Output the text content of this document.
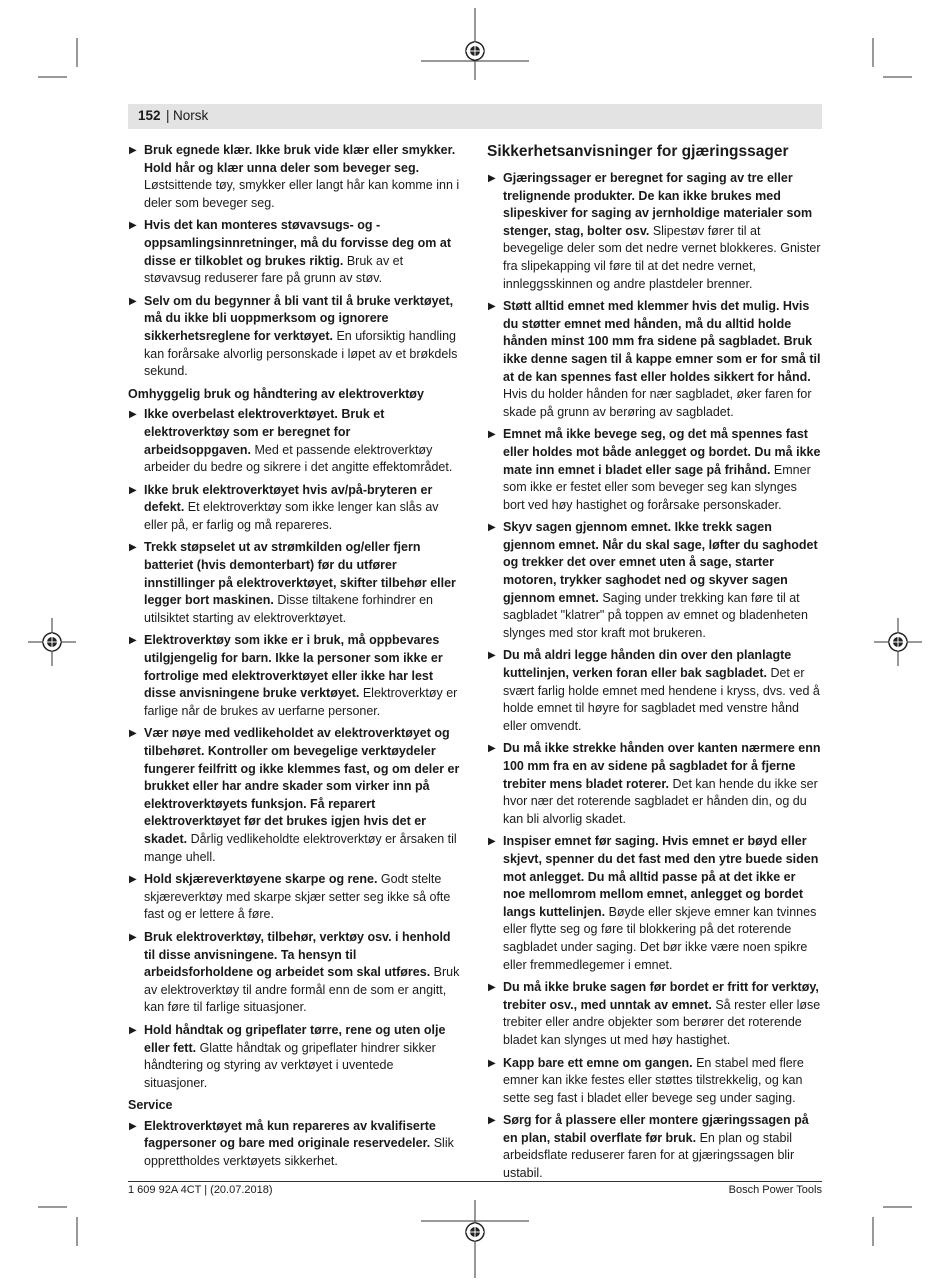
152 | Norsk
▶ Bruk egnede klær. Ikke bruk vide klær eller smykker. Hold hår og klær unna deler som beveger seg. Løstsittende tøy, smykker eller langt hår kan komme inn i deler som beveger seg.
▶ Hvis det kan monteres støvavsugs- og -oppsamlingsinnretninger, må du forvisse deg om at disse er tilkoblet og brukes riktig. Bruk av et støvavsug reduserer fare på grunn av støv.
▶ Selv om du begynner å bli vant til å bruke verktøyet, må du ikke bli uoppmerksom og ignorere sikkerhetsreglene for verktøyet. En uforsiktig handling kan forårsake alvorlig personskade i løpet av et brøkdels sekund.
Omhyggelig bruk og håndtering av elektroverktøy
▶ Ikke overbelast elektroverktøyet. Bruk et elektroverktøy som er beregnet for arbeidsoppgaven. Med et passende elektroverktøy arbeider du bedre og sikrere i det angitte effektområdet.
▶ Ikke bruk elektroverktøyet hvis av/på-bryteren er defekt. Et elektroverktøy som ikke lenger kan slås av eller på, er farlig og må repareres.
▶ Trekk støpselet ut av strømkilden og/eller fjern batteriet (hvis demonterbart) før du utfører innstillinger på elektroverktøyet, skifter tilbehør eller legger bort maskinen. Disse tiltakene forhindrer en utilsiktet starting av elektroverktøyet.
▶ Elektroverktøy som ikke er i bruk, må oppbevares utilgjengelig for barn. Ikke la personer som ikke er fortrolige med elektroverktøyet eller ikke har lest disse anvisningene bruke verktøyet. Elektroverktøy er farlige når de brukes av uerfarne personer.
▶ Vær nøye med vedlikeholdet av elektroverktøyet og tilbehøret. Kontroller om bevegelige verktøydeler fungerer feilfritt og ikke klemmes fast, og om deler er brukket eller har andre skader som virker inn på elektroverktøyets funksjon. Få reparert elektroverktøyet før det brukes igjen hvis det er skadet. Dårlig vedlikeholdte elektroverktøy er årsaken til mange uhell.
▶ Hold skjæreverktøyene skarpe og rene. Godt stelte skjæreverktøy med skarpe skjær setter seg ikke så ofte fast og er lettere å føre.
▶ Bruk elektroverktøy, tilbehør, verktøy osv. i henhold til disse anvisningene. Ta hensyn til arbeidsforholdene og arbeidet som skal utføres. Bruk av elektroverktøy til andre formål enn de som er angitt, kan føre til farlige situasjoner.
▶ Hold håndtak og gripeflater tørre, rene og uten olje eller fett. Glatte håndtak og gripeflater hindrer sikker håndtering og styring av verktøyet i uventede situasjoner.
Service
▶ Elektroverktøyet må kun repareres av kvalifiserte fagpersoner og bare med originale reservedeler. Slik opprettholdes verktøyets sikkerhet.
Sikkerhetsanvisninger for gjæringssager
▶ Gjæringssager er beregnet for saging av tre eller trelignende produkter. De kan ikke brukes med slipeskiver for saging av jernholdige materialer som stenger, stag, bolter osv. Slipestøv fører til at bevegelige deler som det nedre vernet blokkeres. Gnister fra slipekapping vil føre til at det nedre vernet, innleggsskinnen og andre plastdeler brenner.
▶ Støtt alltid emnet med klemmer hvis det mulig. Hvis du støtter emnet med hånden, må du alltid holde hånden minst 100 mm fra sidene på sagbladet. Bruk ikke denne sagen til å kappe emner som er for små til at de kan spennes fast eller holdes sikkert for hånd. Hvis du holder hånden for nær sagbladet, øker faren for skade på grunn av berøring av sagbladet.
▶ Emnet må ikke bevege seg, og det må spennes fast eller holdes mot både anlegget og bordet. Du må ikke mate inn emnet i bladet eller sage på frihånd. Emner som ikke er festet eller som beveger seg kan slynges bort ved høy hastighet og forårsake personskader.
▶ Skyv sagen gjennom emnet. Ikke trekk sagen gjennom emnet. Når du skal sage, løfter du saghodet og trekker det over emnet uten å sage, starter motoren, trykker saghodet ned og skyver sagen gjennom emnet. Saging under trekking kan føre til at sagbladet "klatrer" på toppen av emnet og bladenheten slynges med stor kraft mot brukeren.
▶ Du må aldri legge hånden din over den planlagte kuttelinjen, verken foran eller bak sagbladet. Det er svært farlig holde emnet med hendene i kryss, dvs. ved å holde emnet til høyre for sagbladet med venstre hånd eller omvendt.
▶ Du må ikke strekke hånden over kanten nærmere enn 100 mm fra en av sidene på sagbladet for å fjerne trebiter mens bladet roterer. Det kan hende du ikke ser hvor nær det roterende sagbladet er hånden din, og du kan bli alvorlig skadet.
▶ Inspiser emnet før saging. Hvis emnet er bøyd eller skjevt, spenner du det fast med den ytre buede siden mot anlegget. Du må alltid passe på at det ikke er noe mellomrom mellom emnet, anlegget og bordet langs kuttelinjen. Bøyde eller skjeve emner kan tvinnes eller flytte seg og føre til blokkering på det roterende sagbladet under saging. Det bør ikke være noen spikre eller fremmedlegemer i emnet.
▶ Du må ikke bruke sagen før bordet er fritt for verktøy, trebiter osv., med unntak av emnet. Så rester eller løse trebiter eller andre objekter som berører det roterende bladet kan slynges ut med høy hastighet.
▶ Kapp bare ett emne om gangen. En stabel med flere emner kan ikke festes eller støttes tilstrekkelig, og kan sette seg fast i bladet eller bevege seg under saging.
▶ Sørg for å plassere eller montere gjæringssagen på en plan, stabil overflate før bruk. En plan og stabil arbeidsflate reduserer faren for at gjæringssagen blir ustabil.
1 609 92A 4CT | (20.07.2018)	Bosch Power Tools
